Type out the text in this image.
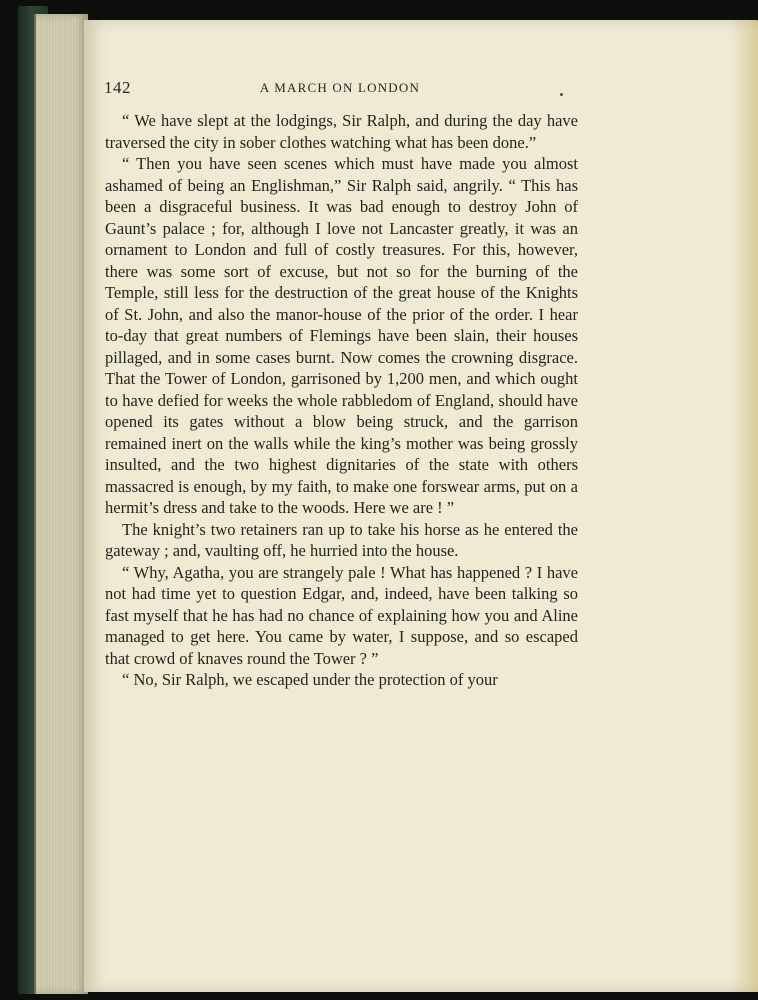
142	A MARCH ON LONDON

“ We have slept at the lodgings, Sir Ralph, and during the day have traversed the city in sober clothes watching what has been done.”

“ Then you have seen scenes which must have made you almost ashamed of being an Englishman,” Sir Ralph said, angrily. “ This has been a disgraceful business. It was bad enough to destroy John of Gaunt’s palace ; for, although I love not Lancaster greatly, it was an ornament to London and full of costly treasures. For this, however, there was some sort of excuse, but not so for the burning of the Temple, still less for the destruction of the great house of the Knights of St. John, and also the manor-house of the prior of the order. I hear to-day that great numbers of Flemings have been slain, their houses pillaged, and in some cases burnt. Now comes the crowning disgrace. That the Tower of London, garrisoned by 1,200 men, and which ought to have defied for weeks the whole rabbledom of England, should have opened its gates without a blow being struck, and the garrison remained inert on the walls while the king’s mother was being grossly insulted, and the two highest dignitaries of the state with others massacred is enough, by my faith, to make one forswear arms, put on a hermit’s dress and take to the woods. Here we are ! ”

The knight’s two retainers ran up to take his horse as he entered the gateway ; and, vaulting off, he hurried into the house.

“ Why, Agatha, you are strangely pale ! What has happened ? I have not had time yet to question Edgar, and, indeed, have been talking so fast myself that he has had no chance of explaining how you and Aline managed to get here. You came by water, I suppose, and so escaped that crowd of knaves round the Tower ? ”

“ No, Sir Ralph, we escaped under the protection of your
